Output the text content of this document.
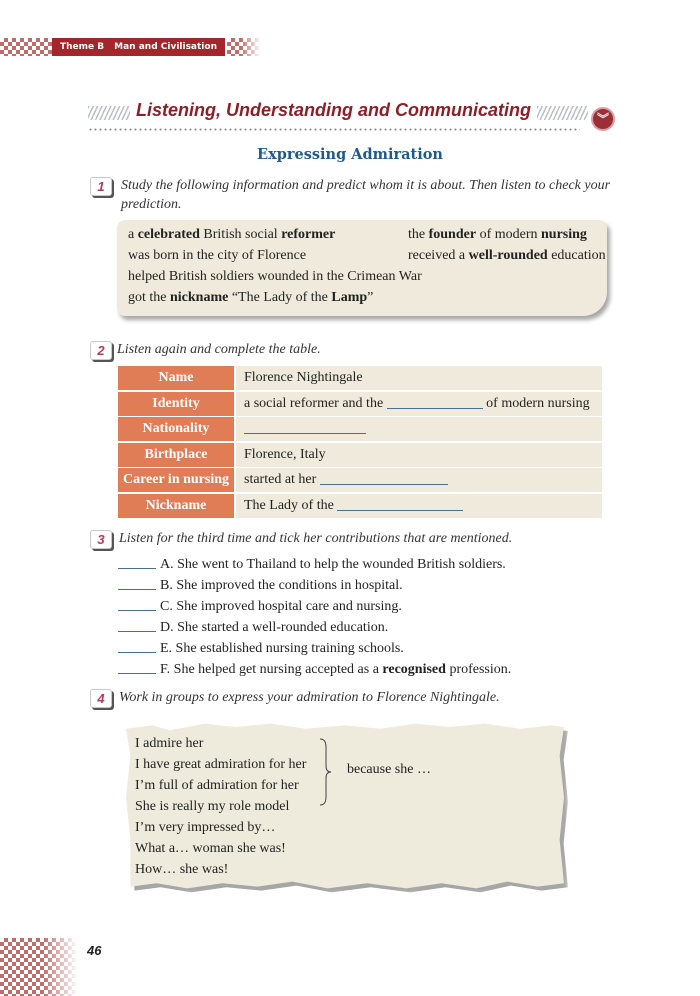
Theme B Man and Civilisation
Listening, Understanding and Communicating	︾
Expressing Admiration
1	Study the following information and predict whom it is about. Then listen to check your
prediction.
a celebrated British social reformer
was born in the city of Florence
helped British soldiers wounded in the Crimean War
got the nickname “The Lady of the Lamp”
the founder of modern nursing
received a well-rounded education
2 Listen again and complete the table.
Name	Florence Nightingale
Identity	a social reformer and the	of modern nursing
Nationality
Birthplace	Florence, Italy
Career in nursing	started at her
Nickname	The Lady of the
3	Listen for the third time and tick her contributions that are mentioned.
A. She went to Thailand to help the wounded British soldiers.
B. She improved the conditions in hospital.
C. She improved hospital care and nursing.
D. She started a well-rounded education.
E. She established nursing training schools.
F. She helped get nursing accepted as a recognised profession.
4	Work in groups to express your admiration to Florence Nightingale.
I admire her
I have great admiration for her
I’m full of admiration for her
She is really my role model
I’m very impressed by…
What a… woman she was!
How… she was!
because she …
46
